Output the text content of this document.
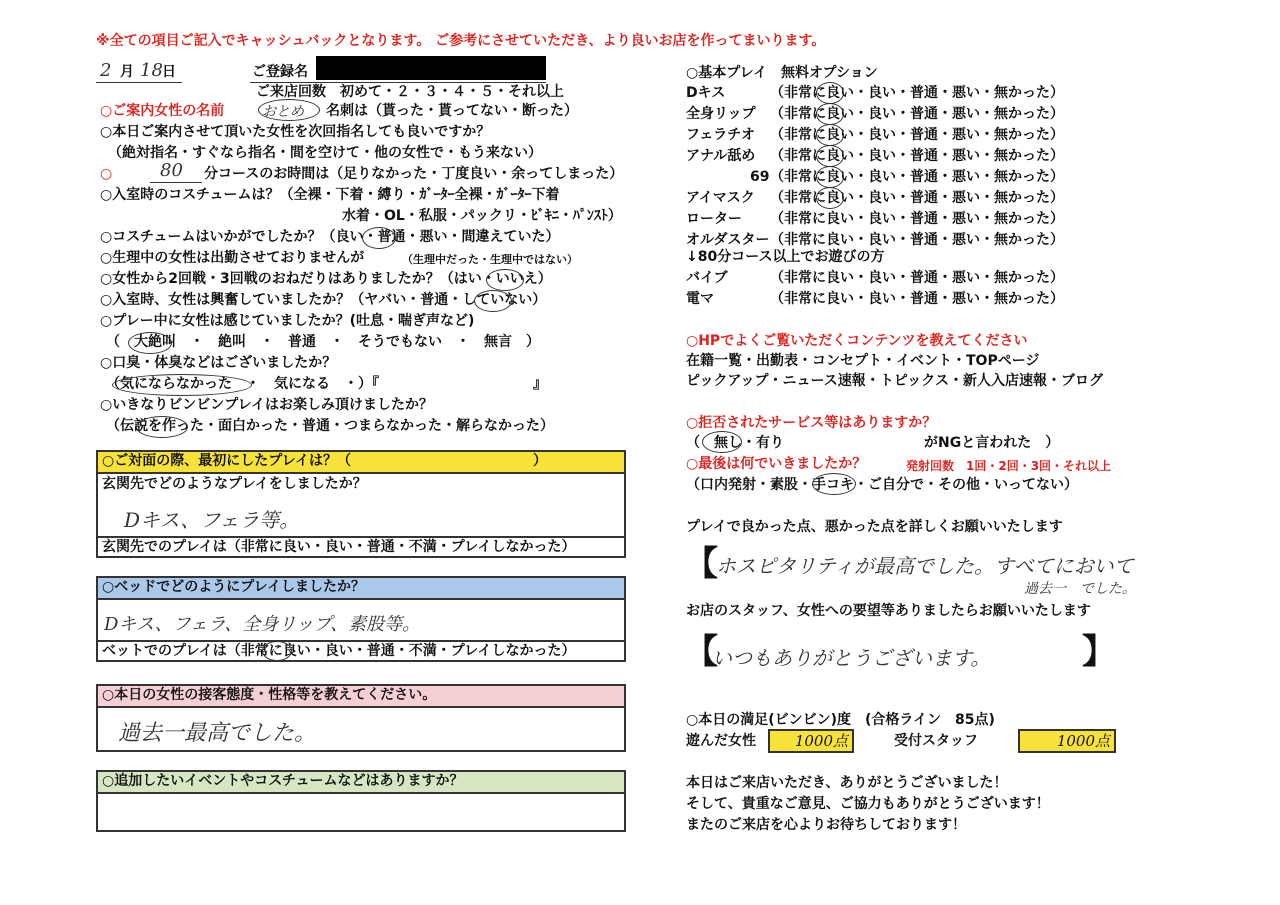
※全ての項目ご記入でキャッシュバックとなります。 ご参考にさせていただき、より良いお店を作ってまいります。
2 月 18 日	ご登録名
ご来店回数　初めて・２・３・４・５・それ以上
○ご案内女性の名前	おとめ 名刺は（貰った・貰ってない・断った）
○本日ご案内させて頂いた女性を次回指名しても良いですか？
（絶対指名・すぐなら指名・間を空けて・他の女性で・もう来ない）
○	80 分コースのお時間は（足りなかった・丁度良い・余ってしまった）
○入室時のコスチュームは？（全裸・下着・縛り・ｶﾞｰﾀｰ全裸・ｶﾞｰﾀｰ下着
水着・OL・私服・パックリ・ﾋﾞｷﾆ・ﾊﾟﾝｽﾄ）
○コスチュームはいかがでしたか？（良い・普通・悪い・間違えていた）
○生理中の女性は出勤させておりませんが	（生理中だった・生理中ではない）
○女性から2回戦・3回戦のおねだりはありましたか？（はい・いいえ）
○入室時、女性は興奮していましたか？（ヤバい・普通・していない）
○プレー中に女性は感じていましたか？(吐息・喘ぎ声など)
（　大絶叫　・　絶叫　・　普通　・　そうでもない　・　無言　）
○口臭・体臭などはございましたか？
（気にならなかった　・　気になる　・）『　　　　　　　　　　　』
○いきなりビンビンプレイはお楽しみ頂けましたか？
（伝説を作った・面白かった・普通・つまらなかった・解らなかった）
○ご対面の際、最初にしたプレイは？（　　　　　　　　　　　　　）
玄関先でどのようなプレイをしましたか？
Dキス、フェラ等。
玄関先でのプレイは（非常に良い・良い・普通・不満・プレイしなかった）
○ベッドでどのようにプレイしましたか？
Dキス、フェラ、全身リップ、素股等。
ベットでのプレイは（非常に良い・良い・普通・不満・プレイしなかった）
○本日の女性の接客態度・性格等を教えてください。
過去一最高でした。
○追加したいイベントやコスチュームなどはありますか？
○基本プレイ　無料オプション
Dキス	（非常に良い・良い・普通・悪い・無かった）
全身リップ （非常に良い・良い・普通・悪い・無かった）
フェラチオ （非常に良い・良い・普通・悪い・無かった）
アナル舐め （非常に良い・良い・普通・悪い・無かった）
69 （非常に良い・良い・普通・悪い・無かった）
アイマスク （非常に良い・良い・普通・悪い・無かった）
ローター （非常に良い・良い・普通・悪い・無かった）
オルダスター （非常に良い・良い・普通・悪い・無かった）
↓80分コース以上でお遊びの方
バイブ	（非常に良い・良い・普通・悪い・無かった）
電マ	（非常に良い・良い・普通・悪い・無かった）
○HPでよくご覧いただくコンテンツを教えてください
在籍一覧・出勤表・コンセプト・イベント・TOPページ
ピックアップ・ニュース速報・トピックス・新人入店速報・ブログ
○拒否されたサービス等はありますか？
（　無し・有り　　　　　　　　　　がNGと言われた　）
○最後は何でいきましたか？	発射回数　1回・2回・3回・それ以上
（口内発射・素股・手コキ・ご自分で・その他・いってない）
プレイで良かった点、悪かった点を詳しくお願いいたします
【
ホスピタリティが最高でした。すべてにおいて
過去一　でした。
お店のスタッフ、女性への要望等ありましたらお願いいたします
【
いつもありがとうございます。	】
○本日の満足(ビンビン)度　(合格ライン　85点)
遊んだ女性	1000点	受付スタッフ	1000点
本日はご来店いただき、ありがとうございました！
そして、貴重なご意見、ご協力もありがとうございます！
またのご来店を心よりお待ちしております！
